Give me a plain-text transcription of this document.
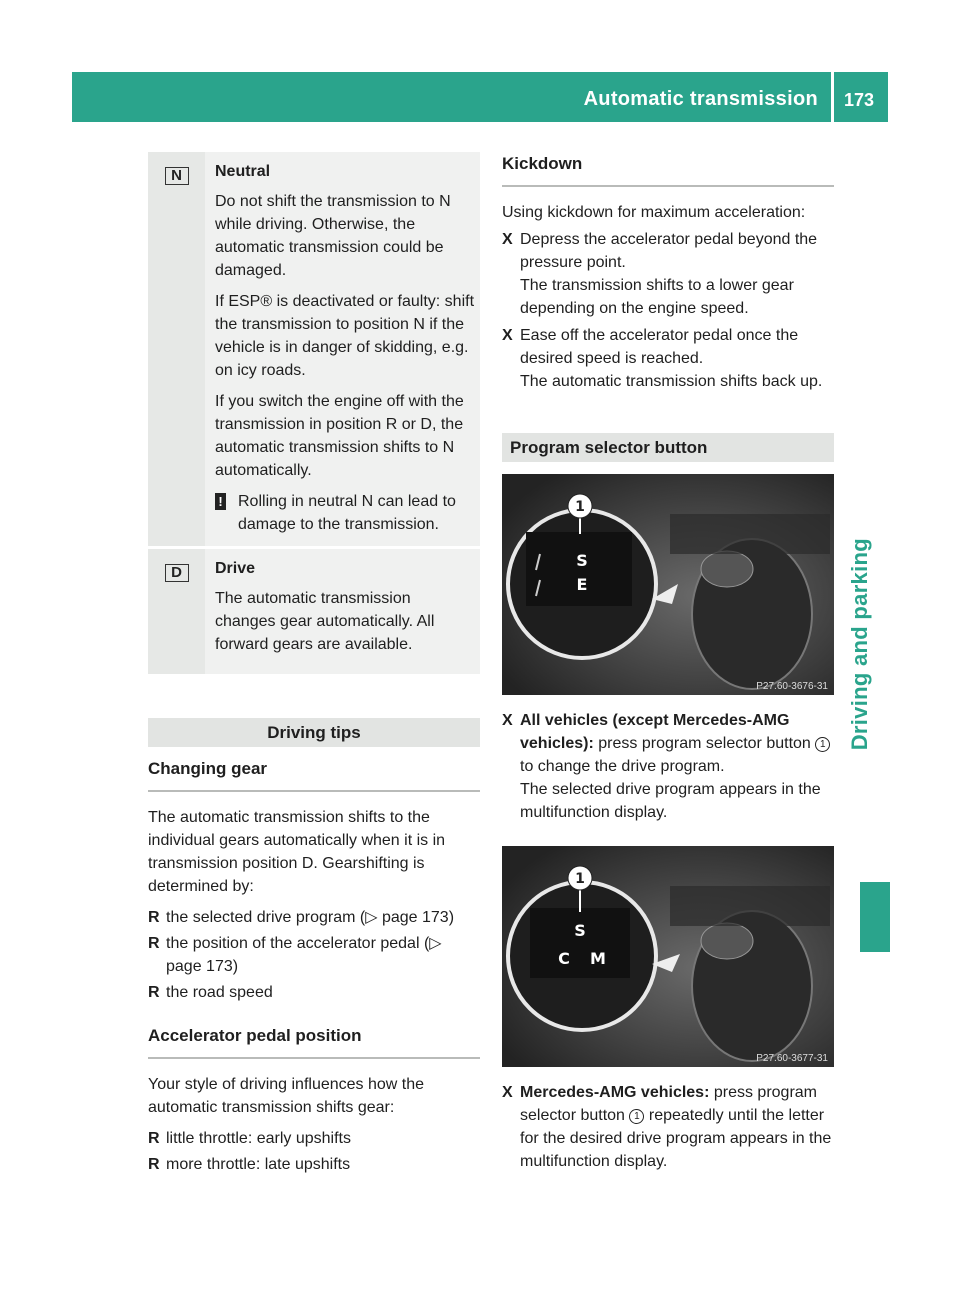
Automatic transmission 173
Driving and parking
N	Neutral

Do not shift the transmission to N while driving. Otherwise, the automatic transmission could be damaged.

If ESP® is deactivated or faulty: shift the transmission to position N if the vehicle is in danger of skidding, e.g. on icy roads.

If you switch the engine off with the transmission in position R or D, the automatic transmission shifts to N automatically.

! Rolling in neutral N can lead to damage to the transmission.
D	Drive

The automatic transmission changes gear automatically. All forward gears are available.

Driving tips
Changing gear

The automatic transmission shifts to the individual gears automatically when it is in transmission position D. Gearshifting is determined by:

R the selected drive program (▷ page 173)
R the position of the accelerator pedal (▷ page 173)
R the road speed
Accelerator pedal position

Your style of driving influences how the automatic transmission shifts gear:

R little throttle: early upshifts
R more throttle: late upshifts
Kickdown

Using kickdown for maximum acceleration:

X Depress the accelerator pedal beyond the pressure point.
The transmission shifts to a lower gear depending on the engine speed.
X Ease off the accelerator pedal once the desired speed is reached.
The automatic transmission shifts back up.
Program selector button
1
S
E
P27.60-3676-31
X All vehicles (except Mercedes-AMG vehicles): press program selector button 1 to change the drive program.
The selected drive program appears in the multifunction display.
1
S
C M
P27.60-3677-31
X Mercedes-AMG vehicles: press program selector button 1 repeatedly until the letter for the desired drive program appears in the multifunction display.
